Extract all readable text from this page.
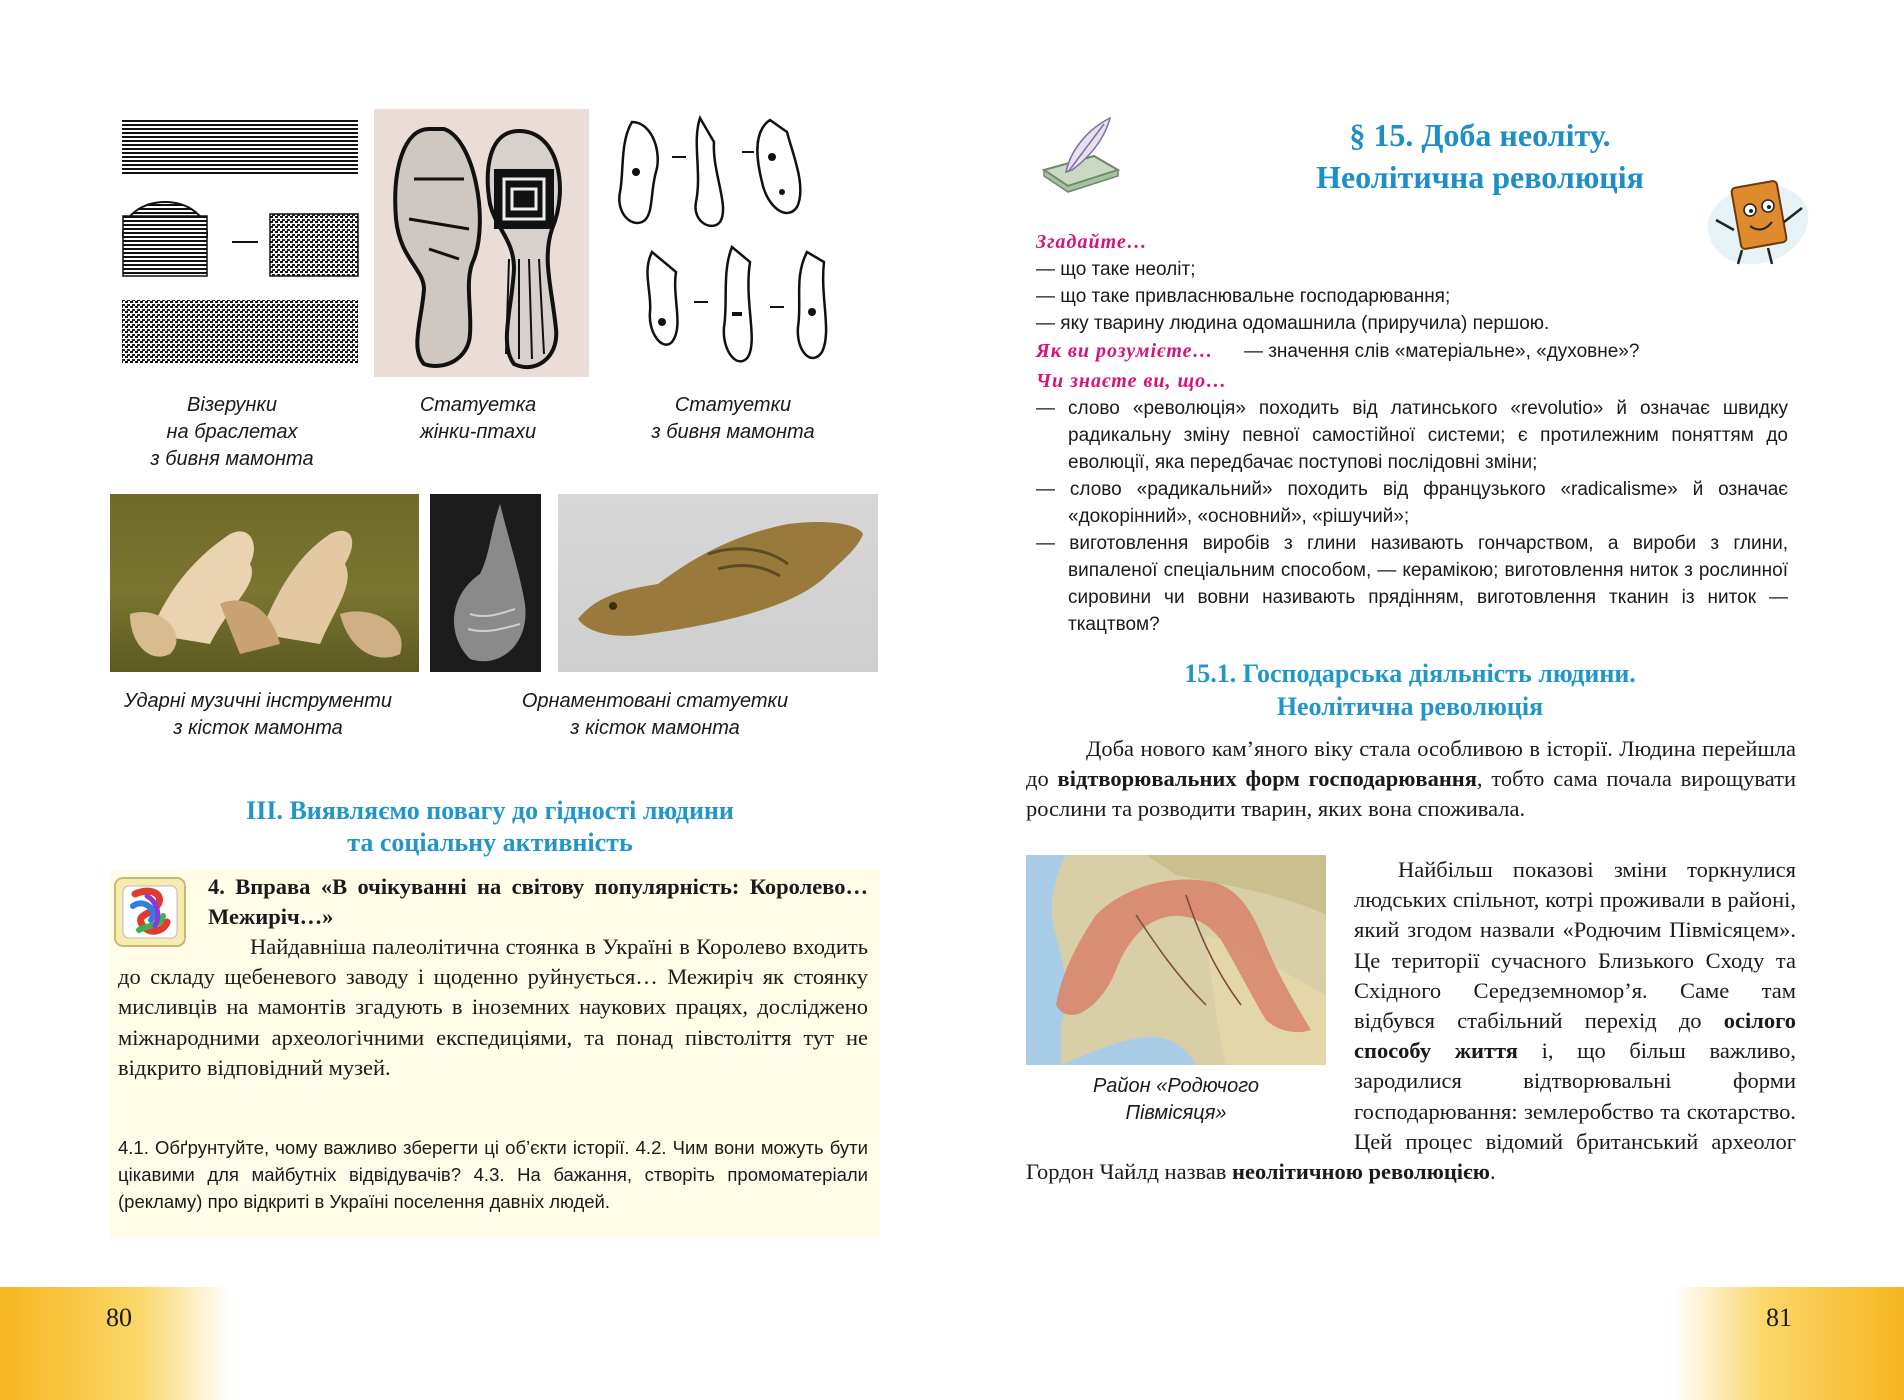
Візерунки
на браслетах
з бивня мамонта
Статуетка
жінки-птахи
Статуетки
з бивня мамонта
Ударні музичні інструменти
з кісток мамонта
Орнаментовані статуетки
з кісток мамонта
ІІІ. Виявляємо повагу до гідності людини
та соціальну активність
4. Вправа «В очікуванні на світову популярність: Королево… Межиріч…»
Найдавніша палеолітична стоянка в Україні в Королево входить до складу щебеневого заводу і щоденно руйнується… Межиріч як стоянку мисливців на мамонтів згадують в іноземних наукових працях, досліджено міжнародними археологічними експедиціями, та понад півстоліття тут не відкрито відповідний музей.
4.1. Обґрунтуйте, чому важливо зберегти ці об’єкти історії. 4.2. Чим вони можуть бути цікавими для майбутніх відвідувачів? 4.3. На бажання, створіть промоматеріали (рекламу) про відкриті в Україні поселення давніх людей.
§ 15. Доба неоліту.
Неолітична революція
Згадайте…
— що таке неоліт;
— що таке привласнювальне господарювання;
— яку тварину людина одомашнила (приручила) першою.
Як ви розумієте… — значення слів «матеріальне», «духовне»?
Чи знаєте ви, що…

— слово «революція» походить від латинського «revolutio» й означає швидку радикальну зміну певної самостійної системи; є протилежним поняттям до еволюції, яка передбачає поступові послідовні зміни;

— слово «радикальний» походить від французького «radicalisme» й означає «докорінний», «основний», «рішучий»;

— виготовлення виробів з глини називають гончарством, а вироби з глини, випаленої спеціальним способом, — керамікою; виготовлення ниток з рослинної сировини чи вовни називають прядінням, виготовлення тканин із ниток — ткацтвом?

15.1. Господарська діяльність людини.
Неолітична революція
Доба нового кам’яного віку стала особливою в історії. Людина перейшла до відтворювальних форм господарювання, тобто сама почала вирощувати рослини та розводити тварин, яких вона споживала.
Район «Родючого
Півмісяця»
Найбільш показові зміни торкнулися людських спільнот, котрі проживали в районі, який згодом назвали «Родючим Півмісяцем». Це території сучасного Близького Сходу та Східного Середземномор’я. Саме там відбувся стабільний перехід до осілого способу життя і, що більш важливо, зародилися відтворювальні форми господарювання: землеробство та скотарство. Цей процес відомий британський археолог Гордон Чайлд назвав неолітичною революцією.
80	81
